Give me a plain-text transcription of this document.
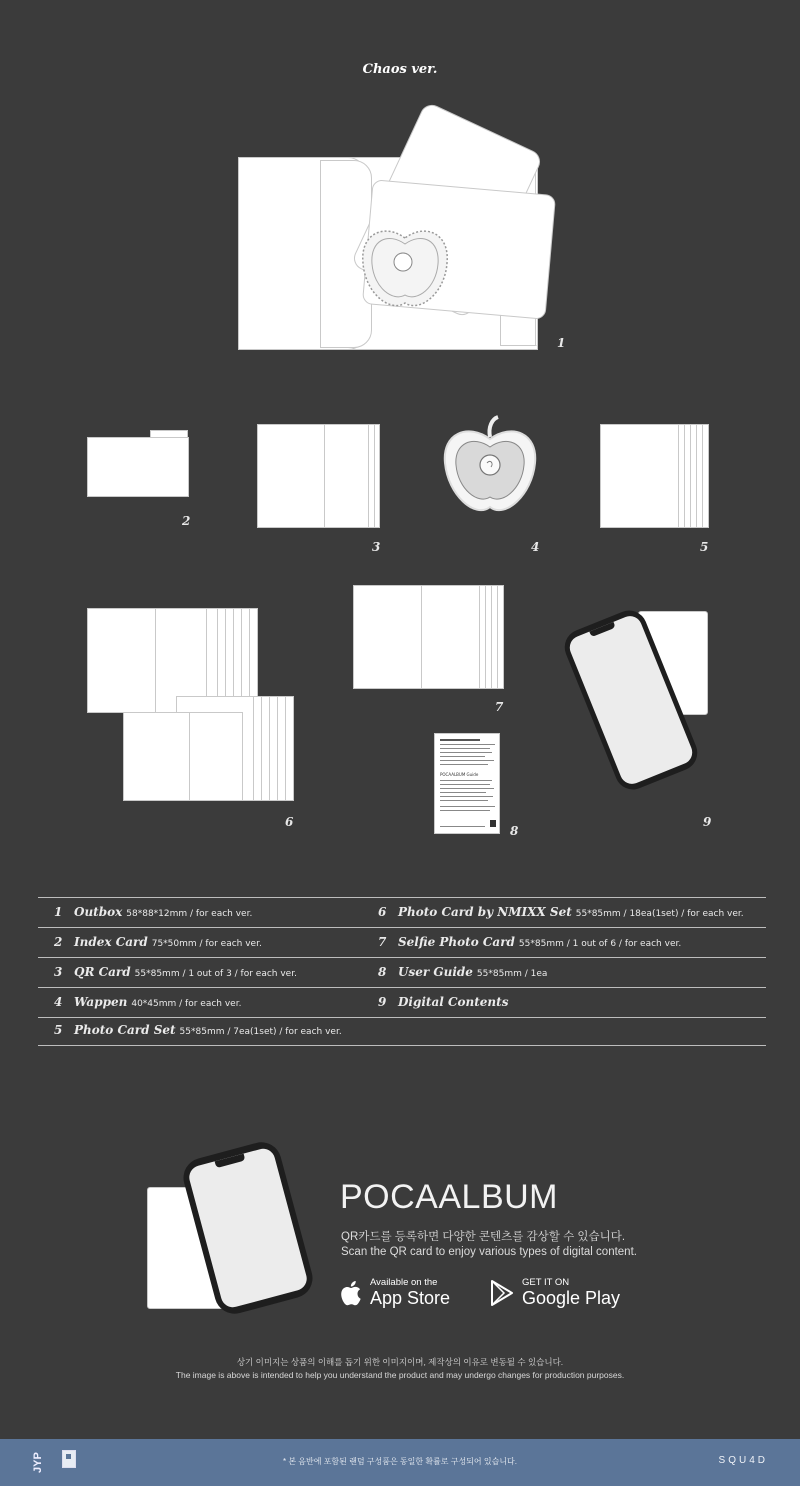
Chaos ver.
1
2
3	4	5
6
7
POCAALBUM Guide
8
9
1 Outbox 58*88*12mm / for each ver.
2 Index Card 75*50mm / for each ver.
3 QR Card 55*85mm / 1 out of 3 / for each ver.
4 Wappen 40*45mm / for each ver.
5 Photo Card Set 55*85mm / 7ea(1set) / for each ver.
6 Photo Card by NMIXX Set 55*85mm / 18ea(1set) / for each ver.
7 Selfie Photo Card 55*85mm / 1 out of 6 / for each ver.
8 User Guide 55*85mm / 1ea
9 Digital Contents
POCAALBUM
QR카드를 등록하면 다양한 콘텐츠를 감상할 수 있습니다.
Scan the QR card to enjoy various types of digital content.
Available on the
App Store
GET IT ON
Google Play
상기 이미지는 상품의 이해를 돕기 위한 이미지이며, 제작상의 이유로 변동될 수 있습니다.
The image is above is intended to help you understand the product and may undergo changes for production purposes.
JYP	* 본 음반에 포함된 랜덤 구성품은 동일한 확률로 구성되어 있습니다.	SQU4D
